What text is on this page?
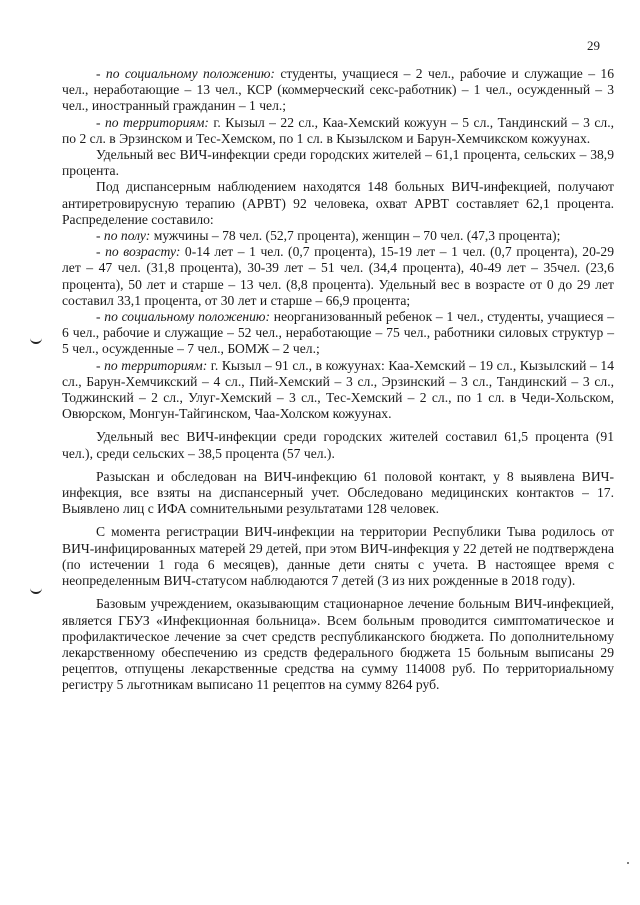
29

- по социальному положению: студенты, учащиеся – 2 чел., рабочие и служащие – 16 чел., неработающие – 13 чел., КСР (коммерческий секс-работник) – 1 чел., осужденный – 3 чел., иностранный гражданин – 1 чел.;

- по территориям: г. Кызыл – 22 сл., Каа-Хемский кожуун – 5 сл., Тандинский – 3 сл., по 2 сл. в Эрзинском и Тес-Хемском, по 1 сл. в Кызылском и Барун-Хемчикском кожуунах.

Удельный вес ВИЧ-инфекции среди городских жителей – 61,1 процента, сельских – 38,9 процента.

Под диспансерным наблюдением находятся 148 больных ВИЧ-инфекцией, получают антиретровирусную терапию (АРВТ) 92 человека, охват АРВТ составляет 62,1 процента. Распределение составило:

- по полу: мужчины – 78 чел. (52,7 процента), женщин – 70 чел. (47,3 процента);

- по возрасту: 0-14 лет – 1 чел. (0,7 процента), 15-19 лет – 1 чел. (0,7 процента), 20-29 лет – 47 чел. (31,8 процента), 30-39 лет – 51 чел. (34,4 процента), 40-49 лет – 35чел. (23,6 процента), 50 лет и старше – 13 чел. (8,8 процента). Удельный вес в возрасте от 0 до 29 лет составил 33,1 процента, от 30 лет и старше – 66,9 процента;

- по социальному положению: неорганизованный ребенок – 1 чел., студенты, учащиеся – 6 чел., рабочие и служащие – 52 чел., неработающие – 75 чел., работники силовых структур – 5 чел., осужденные – 7 чел., БОМЖ – 2 чел.;

- по территориям: г. Кызыл – 91 сл., в кожуунах: Каа-Хемский – 19 сл., Кызылский – 14 сл., Барун-Хемчикский – 4 сл., Пий-Хемский – 3 сл., Эрзинский – 3 сл., Тандинский – 3 сл., Тоджинский – 2 сл., Улуг-Хемский – 3 сл., Тес-Хемский – 2 сл., по 1 сл. в Чеди-Хольском, Овюрском, Монгун-Тайгинском, Чаа-Холском кожуунах.

Удельный вес ВИЧ-инфекции среди городских жителей составил 61,5 процента (91 чел.), среди сельских – 38,5 процента (57 чел.).

Разыскан и обследован на ВИЧ-инфекцию 61 половой контакт, у 8 выявлена ВИЧ-инфекция, все взяты на диспансерный учет. Обследовано медицинских контактов – 17. Выявлено лиц с ИФА сомнительными результатами 128 человек.

С момента регистрации ВИЧ-инфекции на территории Республики Тыва родилось от ВИЧ-инфицированных матерей 29 детей, при этом ВИЧ-инфекция у 22 детей не подтверждена (по истечении 1 года 6 месяцев), данные дети сняты с учета. В настоящее время с неопределенным ВИЧ-статусом наблюдаются 7 детей (3 из них рожденные в 2018 году).

Базовым учреждением, оказывающим стационарное лечение больным ВИЧ-инфекцией, является ГБУЗ «Инфекционная больница». Всем больным проводится симптоматическое и профилактическое лечение за счет средств республиканского бюджета. По дополнительному лекарственному обеспечению из средств федерального бюджета 15 больным выписаны 29 рецептов, отпущены лекарственные средства на сумму 114008 руб. По территориальному регистру 5 льготникам выписано 11 рецептов на сумму 8264 руб.
